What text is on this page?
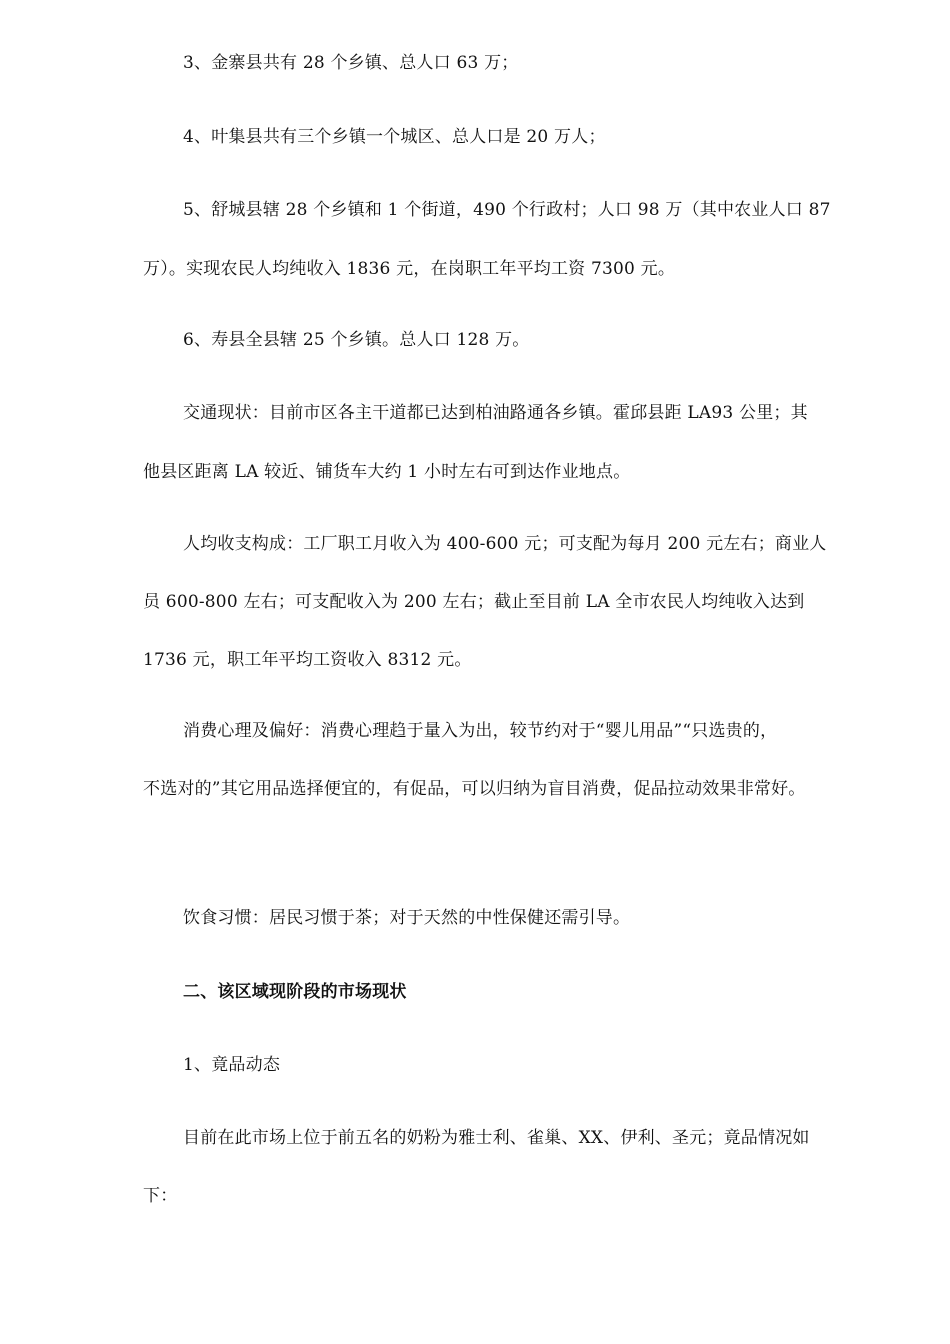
3、金寨县共有 28 个乡镇、总人口 63 万；
4、叶集县共有三个乡镇一个城区、总人口是 20 万人；
5、舒城县辖 28 个乡镇和 1 个街道，490 个行政村；人口 98 万（其中农业人口 87
万）。实现农民人均纯收入 1836 元，在岗职工年平均工资 7300 元。
6、寿县全县辖 25 个乡镇。总人口 128 万。
交通现状：目前市区各主干道都已达到柏油路通各乡镇。霍邱县距 LA93 公里；其
他县区距离 LA 较近、铺货车大约 1 小时左右可到达作业地点。
人均收支构成：工厂职工月收入为 400-600 元；可支配为每月 200 元左右；商业人
员 600-800 左右；可支配收入为 200 左右；截止至目前 LA 全市农民人均纯收入达到
1736 元，职工年平均工资收入 8312 元。
消费心理及偏好：消费心理趋于量入为出，较节约对于“婴儿用品”“只选贵的，
不选对的”其它用品选择便宜的，有促品，可以归纳为盲目消费，促品拉动效果非常好。
饮食习惯：居民习惯于茶；对于天然的中性保健还需引导。
二、该区域现阶段的市场现状
1、竟品动态
目前在此市场上位于前五名的奶粉为雅士利、雀巢、XX、伊利、圣元；竟品情况如
下：
